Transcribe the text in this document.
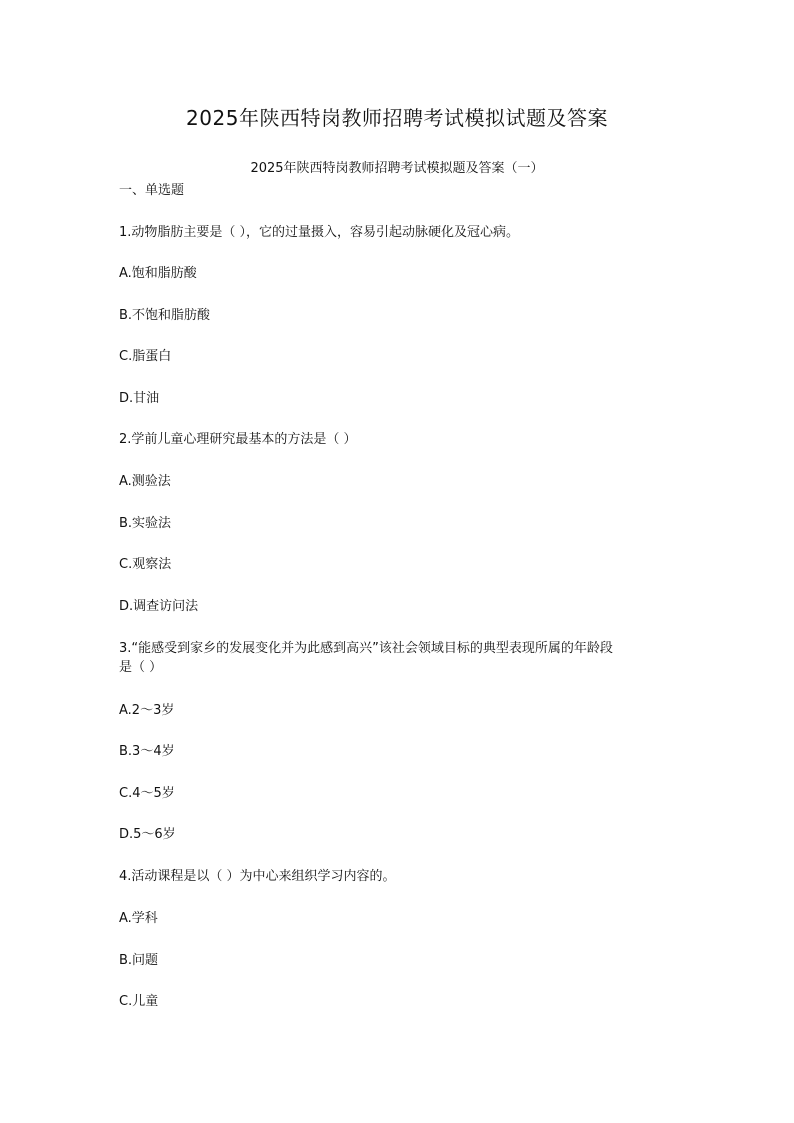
2025年陕西特岗教师招聘考试模拟试题及答案
2025年陕西特岗教师招聘考试模拟题及答案（一）
一、单选题
1.动物脂肪主要是（ ），它的过量摄入，容易引起动脉硬化及冠心病。
A.饱和脂肪酸
B.不饱和脂肪酸
C.脂蛋白
D.甘油
2.学前儿童心理研究最基本的方法是（ ）
A.测验法
B.实验法
C.观察法
D.调查访问法
3.“能感受到家乡的发展变化并为此感到高兴”该社会领域目标的典型表现所属的年龄段
是（ ）
A.2～3岁
B.3～4岁
C.4～5岁
D.5～6岁
4.活动课程是以（ ）为中心来组织学习内容的。
A.学科
B.问题
C.儿童
